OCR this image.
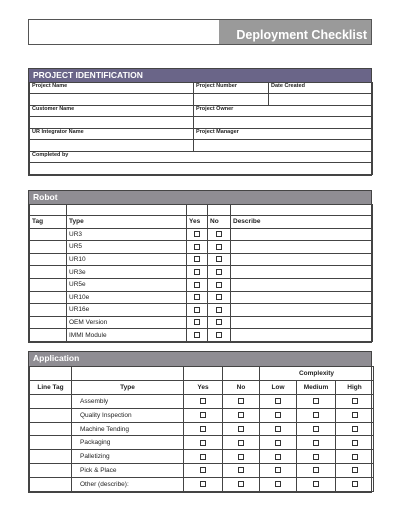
Deployment Checklist
PROJECT IDENTIFICATION
Project Name	Project Number	Date Created

Customer Name	Project Owner	

UR Integrator Name	Project Manager	

Completed by		

Robot

Tag	Type	Yes	No	Describe
	UR3			
	UR5			
	UR10			
	UR3e			
	UR5e			
	UR10e			
	UR16e			
	OEM Version			
	IMMI Module			
Application
				Complexity		
Line Tag	Type	Yes	No	Low	Medium	High
	Assembly					
	Quality Inspection					
	Machine Tending					
	Packaging					
	Palletizing					
	Pick & Place					
	Other (describe):					
